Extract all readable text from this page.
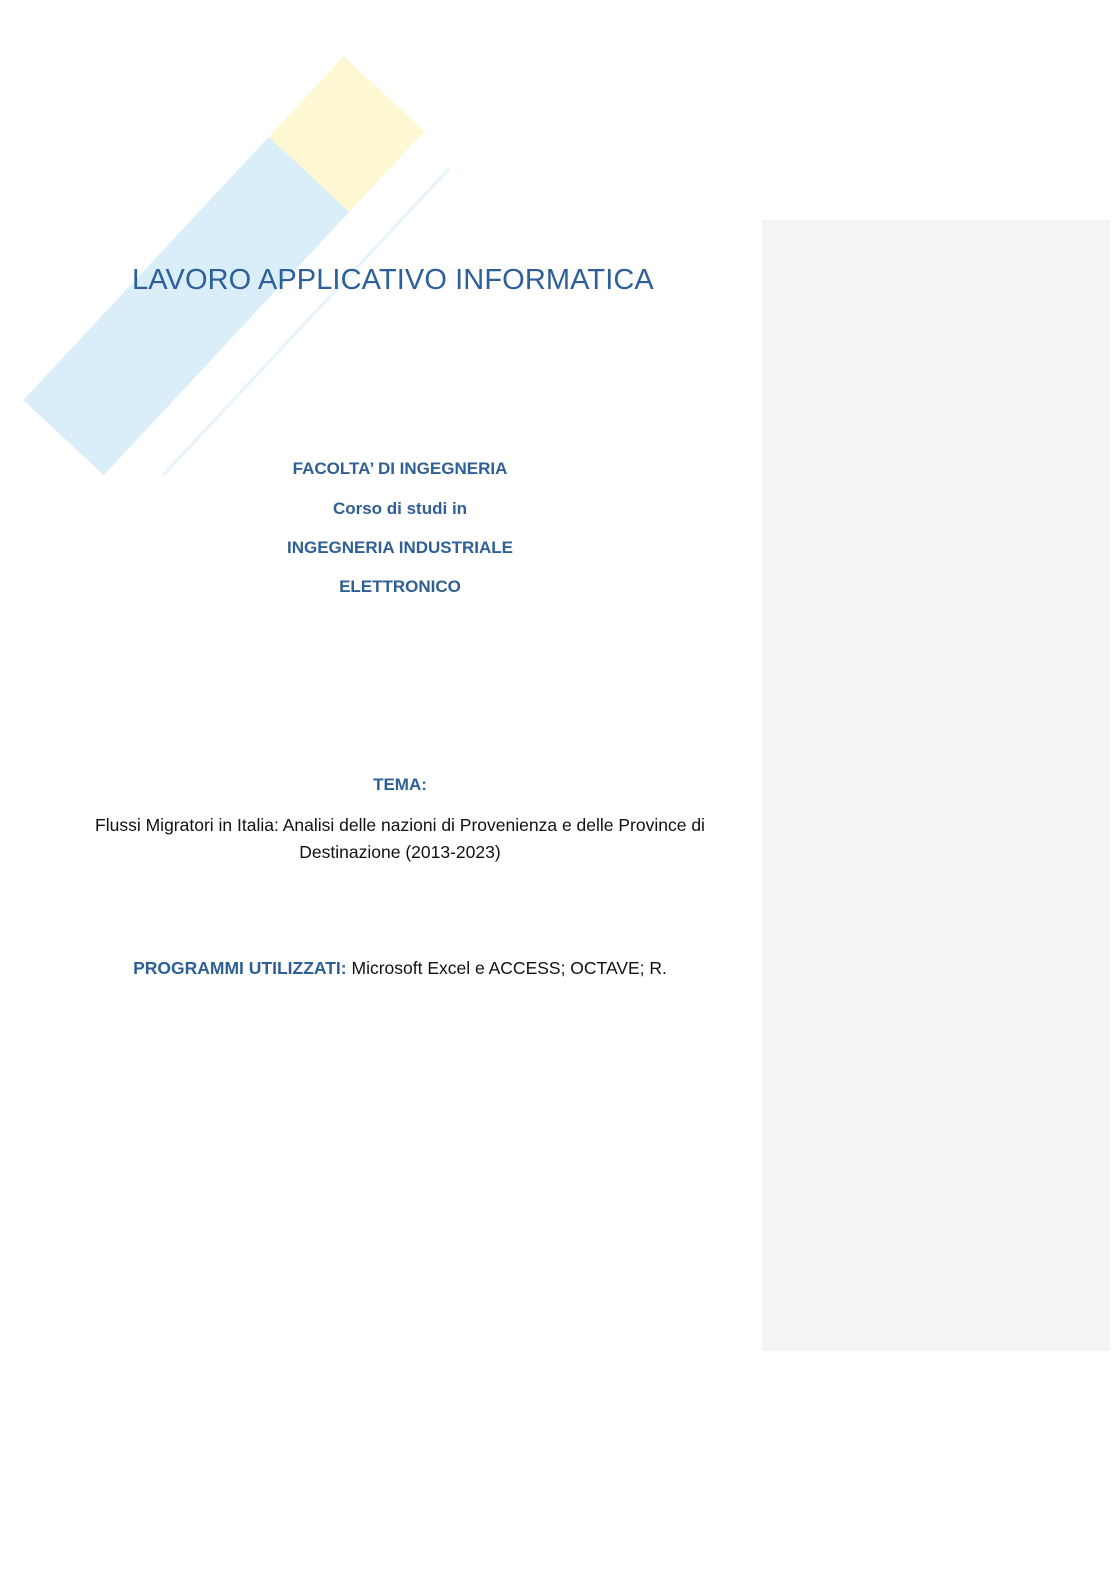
LAVORO APPLICATIVO INFORMATICA
FACOLTA’ DI INGEGNERIA
Corso di studi in
INGEGNERIA INDUSTRIALE
ELETTRONICO
TEMA:
Flussi Migratori in Italia: Analisi delle nazioni di Provenienza e delle Province di Destinazione (2013-2023)
PROGRAMMI UTILIZZATI: Microsoft Excel e ACCESS; OCTAVE; R.
